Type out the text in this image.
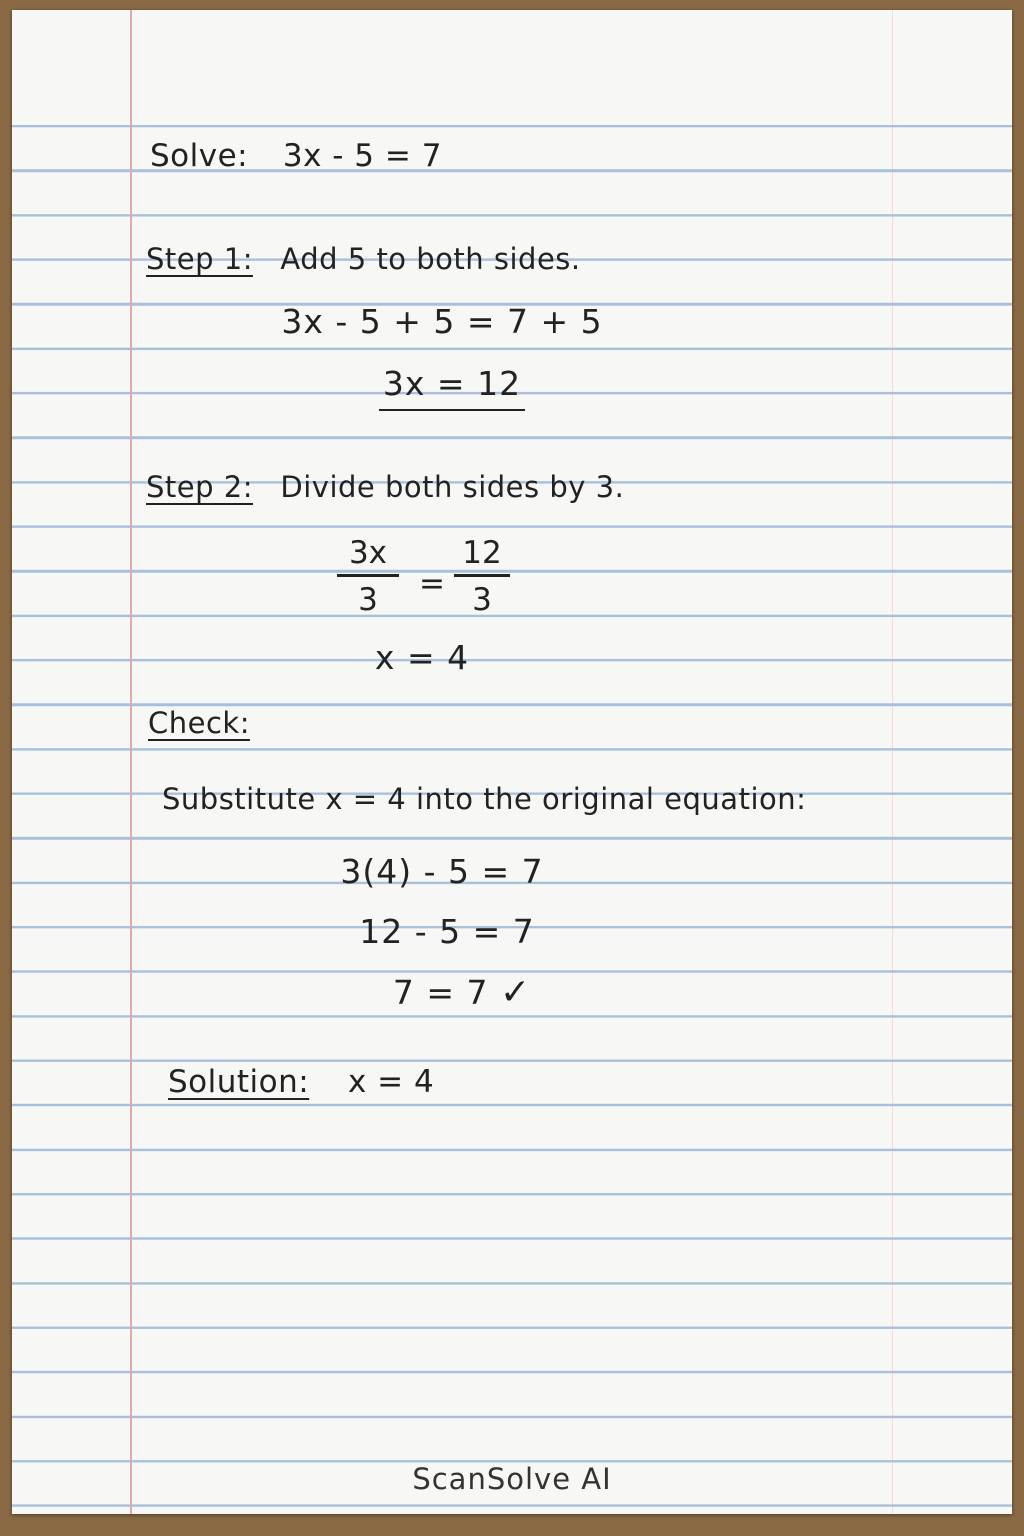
Solve: 3x - 5 = 7
Step 1: Add 5 to both sides.
3x - 5 + 5 = 7 + 5
3x = 12
Step 2: Divide both sides by 3.
3x
3	=
12
3
x = 4
Check:
Substitute x = 4 into the original equation:
3(4) - 5 = 7
12 - 5 = 7
7 = 7 ✓
Solution: x = 4
ScanSolve AI
